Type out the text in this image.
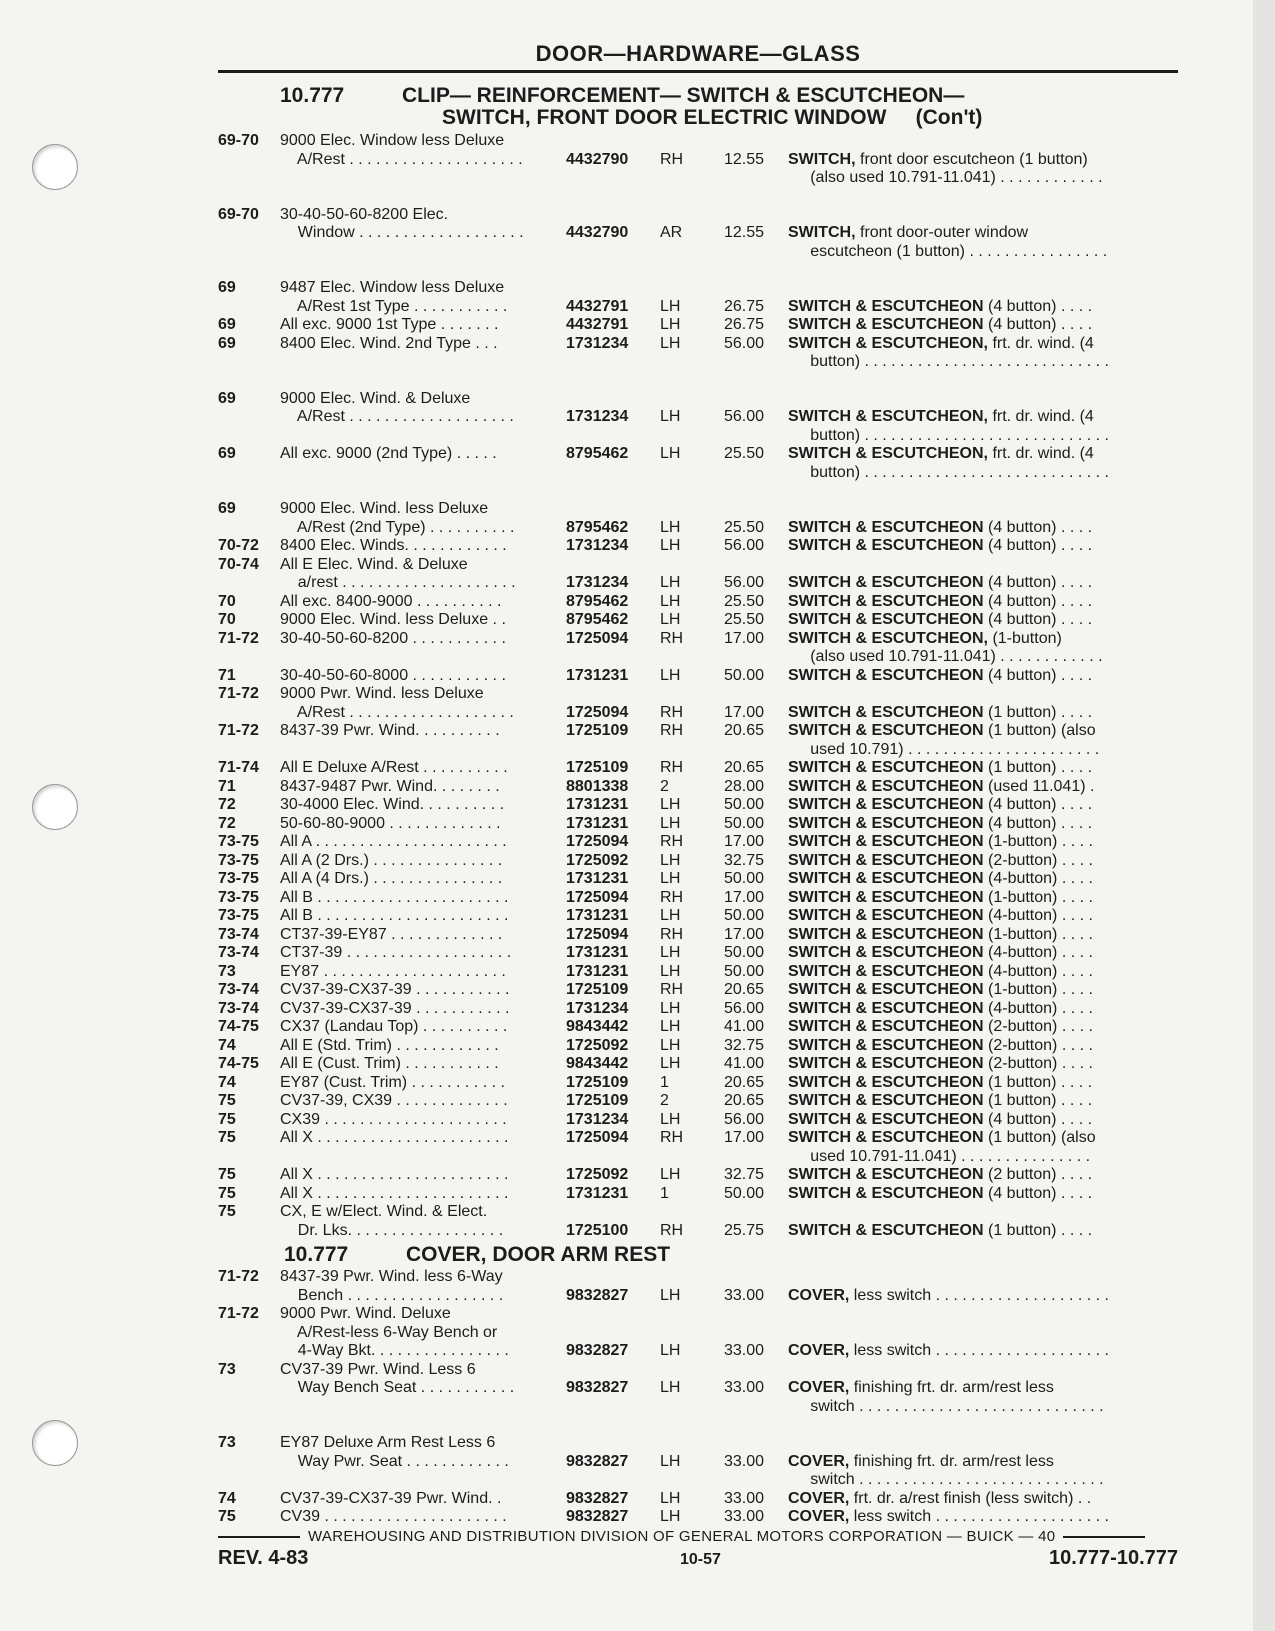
DOOR—HARDWARE—GLASS
10.777	CLIP— REINFORCEMENT— SWITCH & ESCUTCHEON—
SWITCH, FRONT DOOR ELECTRIC WINDOW     (Con't)
69-70	9000 Elec. Window less Deluxe
A/Rest . . . . . . . . . . . . . . . . . . . .	4432790	RH	12.55	SWITCH, front door escutcheon (1 button)
(also used 10.791-11.041) . . . . . . . . . . . .
69-70	30-40-50-60-8200 Elec.
Window . . . . . . . . . . . . . . . . . . .	4432790	AR	12.55	SWITCH, front door-outer window
escutcheon (1 button) . . . . . . . . . . . . . . . .
69	9487 Elec. Window less Deluxe
A/Rest 1st Type . . . . . . . . . . .	4432791	LH	26.75	SWITCH & ESCUTCHEON (4 button) . . . .
69	All exc. 9000 1st Type . . . . . . .	4432791	LH	26.75	SWITCH & ESCUTCHEON (4 button) . . . .
69	8400 Elec. Wind. 2nd Type . . .	1731234	LH	56.00	SWITCH & ESCUTCHEON, frt. dr. wind. (4
button) . . . . . . . . . . . . . . . . . . . . . . . . . . . .
69	9000 Elec. Wind. & Deluxe
A/Rest . . . . . . . . . . . . . . . . . . .	1731234	LH	56.00	SWITCH & ESCUTCHEON, frt. dr. wind. (4
button) . . . . . . . . . . . . . . . . . . . . . . . . . . . .
69	All exc. 9000 (2nd Type) . . . . .	8795462	LH	25.50	SWITCH & ESCUTCHEON, frt. dr. wind. (4
button) . . . . . . . . . . . . . . . . . . . . . . . . . . . .
69	9000 Elec. Wind. less Deluxe
A/Rest (2nd Type) . . . . . . . . . .	8795462	LH	25.50	SWITCH & ESCUTCHEON (4 button) . . . .
70-72	8400 Elec. Winds. . . . . . . . . . . .	1731234	LH	56.00	SWITCH & ESCUTCHEON (4 button) . . . .
70-74	All E Elec. Wind. & Deluxe
a/rest . . . . . . . . . . . . . . . . . . . .	1731234	LH	56.00	SWITCH & ESCUTCHEON (4 button) . . . .
70	All exc. 8400-9000 . . . . . . . . . .	8795462	LH	25.50	SWITCH & ESCUTCHEON (4 button) . . . .
70	9000 Elec. Wind. less Deluxe . .	8795462	LH	25.50	SWITCH & ESCUTCHEON (4 button) . . . .
71-72	30-40-50-60-8200 . . . . . . . . . . .	1725094	RH	17.00	SWITCH & ESCUTCHEON, (1-button)
(also used 10.791-11.041) . . . . . . . . . . . .
71	30-40-50-60-8000 . . . . . . . . . . .	1731231	LH	50.00	SWITCH & ESCUTCHEON (4 button) . . . .
71-72	9000 Pwr. Wind. less Deluxe
A/Rest . . . . . . . . . . . . . . . . . . .	1725094	RH	17.00	SWITCH & ESCUTCHEON (1 button) . . . .
71-72	8437-39 Pwr. Wind. . . . . . . . . .	1725109	RH	20.65	SWITCH & ESCUTCHEON (1 button) (also
used 10.791) . . . . . . . . . . . . . . . . . . . . . .
71-74	All E Deluxe A/Rest . . . . . . . . . .	1725109	RH	20.65	SWITCH & ESCUTCHEON (1 button) . . . .
71	8437-9487 Pwr. Wind. . . . . . . .	8801338	2	28.00	SWITCH & ESCUTCHEON (used 11.041) .
72	30-4000 Elec. Wind. . . . . . . . . .	1731231	LH	50.00	SWITCH & ESCUTCHEON (4 button) . . . .
72	50-60-80-9000 . . . . . . . . . . . . .	1731231	LH	50.00	SWITCH & ESCUTCHEON (4 button) . . . .
73-75	All A . . . . . . . . . . . . . . . . . . . . . .	1725094	RH	17.00	SWITCH & ESCUTCHEON (1-button) . . . .
73-75	All A (2 Drs.) . . . . . . . . . . . . . . .	1725092	LH	32.75	SWITCH & ESCUTCHEON (2-button) . . . .
73-75	All A (4 Drs.) . . . . . . . . . . . . . . .	1731231	LH	50.00	SWITCH & ESCUTCHEON (4-button) . . . .
73-75	All B . . . . . . . . . . . . . . . . . . . . . .	1725094	RH	17.00	SWITCH & ESCUTCHEON (1-button) . . . .
73-75	All B . . . . . . . . . . . . . . . . . . . . . .	1731231	LH	50.00	SWITCH & ESCUTCHEON (4-button) . . . .
73-74	CT37-39-EY87 . . . . . . . . . . . . .	1725094	RH	17.00	SWITCH & ESCUTCHEON (1-button) . . . .
73-74	CT37-39 . . . . . . . . . . . . . . . . . . .	1731231	LH	50.00	SWITCH & ESCUTCHEON (4-button) . . . .
73	EY87 . . . . . . . . . . . . . . . . . . . . .	1731231	LH	50.00	SWITCH & ESCUTCHEON (4-button) . . . .
73-74	CV37-39-CX37-39 . . . . . . . . . . .	1725109	RH	20.65	SWITCH & ESCUTCHEON (1-button) . . . .
73-74	CV37-39-CX37-39 . . . . . . . . . . .	1731234	LH	56.00	SWITCH & ESCUTCHEON (4-button) . . . .
74-75	CX37 (Landau Top) . . . . . . . . . .	9843442	LH	41.00	SWITCH & ESCUTCHEON (2-button) . . . .
74	All E (Std. Trim) . . . . . . . . . . . .	1725092	LH	32.75	SWITCH & ESCUTCHEON (2-button) . . . .
74-75	All E (Cust. Trim) . . . . . . . . . . .	9843442	LH	41.00	SWITCH & ESCUTCHEON (2-button) . . . .
74	EY87 (Cust. Trim) . . . . . . . . . . .	1725109	1	20.65	SWITCH & ESCUTCHEON (1 button) . . . .
75	CV37-39, CX39 . . . . . . . . . . . . .	1725109	2	20.65	SWITCH & ESCUTCHEON (1 button) . . . .
75	CX39 . . . . . . . . . . . . . . . . . . . . .	1731234	LH	56.00	SWITCH & ESCUTCHEON (4 button) . . . .
75	All X . . . . . . . . . . . . . . . . . . . . . .	1725094	RH	17.00	SWITCH & ESCUTCHEON (1 button) (also
used 10.791-11.041) . . . . . . . . . . . . . . .
75	All X . . . . . . . . . . . . . . . . . . . . . .	1725092	LH	32.75	SWITCH & ESCUTCHEON (2 button) . . . .
75	All X . . . . . . . . . . . . . . . . . . . . . .	1731231	1	50.00	SWITCH & ESCUTCHEON (4 button) . . . .
75	CX, E w/Elect. Wind. & Elect.
Dr. Lks. . . . . . . . . . . . . . . . . .	1725100	RH	25.75	SWITCH & ESCUTCHEON (1 button) . . . .
10.777	COVER, DOOR ARM REST
71-72	8437-39 Pwr. Wind. less 6-Way
Bench . . . . . . . . . . . . . . . . . .	9832827	LH	33.00	COVER, less switch . . . . . . . . . . . . . . . . . . . .
71-72	9000 Pwr. Wind. Deluxe
A/Rest-less 6-Way Bench or
4-Way Bkt. . . . . . . . . . . . . . . .	9832827	LH	33.00	COVER, less switch . . . . . . . . . . . . . . . . . . . .
73	CV37-39 Pwr. Wind. Less 6
Way Bench Seat . . . . . . . . . . .	9832827	LH	33.00	COVER, finishing frt. dr. arm/rest less
switch . . . . . . . . . . . . . . . . . . . . . . . . . . . .
73	EY87 Deluxe Arm Rest Less 6
Way Pwr. Seat . . . . . . . . . . . .	9832827	LH	33.00	COVER, finishing frt. dr. arm/rest less
switch . . . . . . . . . . . . . . . . . . . . . . . . . . . .
74	CV37-39-CX37-39 Pwr. Wind. .	9832827	LH	33.00	COVER, frt. dr. a/rest finish (less switch) . .
75	CV39 . . . . . . . . . . . . . . . . . . . . .	9832827	LH	33.00	COVER, less switch . . . . . . . . . . . . . . . . . . . .
WAREHOUSING AND DISTRIBUTION DIVISION OF GENERAL MOTORS CORPORATION — BUICK — 40
REV. 4-83	10-57	10.777-10.777
